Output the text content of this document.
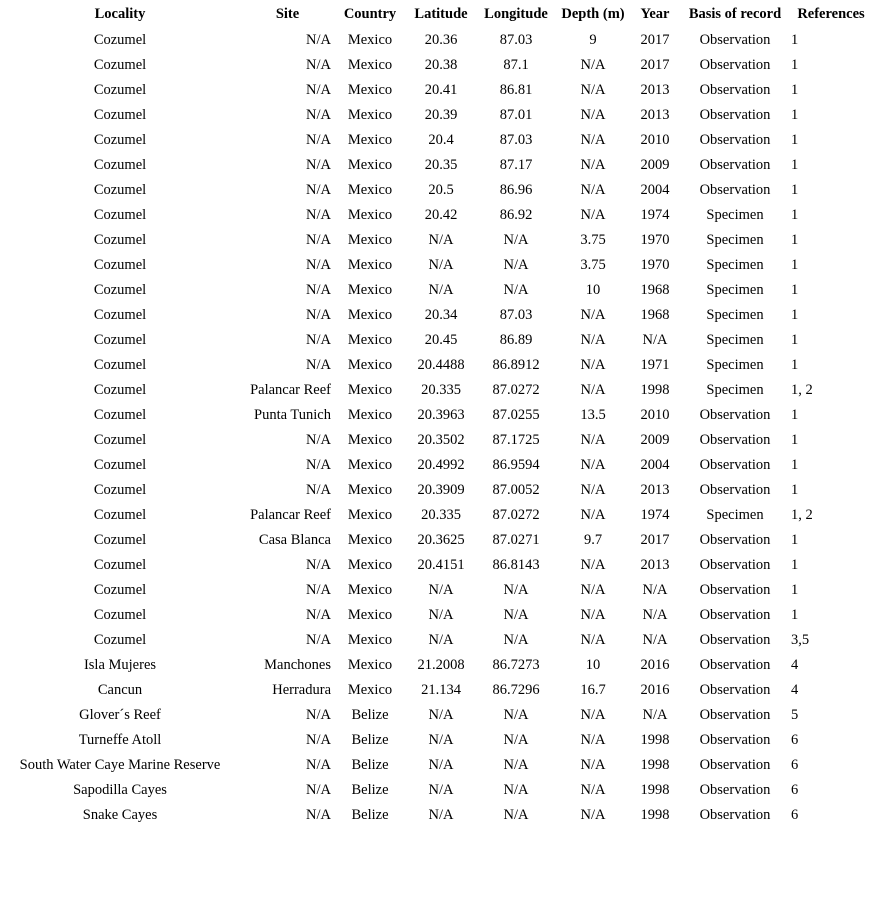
Locality	Site	Country	Latitude	Longitude	Depth (m)	Year	Basis of record	References
Cozumel	N/A	Mexico	20.36	87.03	9	2017	Observation	1
Cozumel	N/A	Mexico	20.38	87.1	N/A	2017	Observation	1
Cozumel	N/A	Mexico	20.41	86.81	N/A	2013	Observation	1
Cozumel	N/A	Mexico	20.39	87.01	N/A	2013	Observation	1
Cozumel	N/A	Mexico	20.4	87.03	N/A	2010	Observation	1
Cozumel	N/A	Mexico	20.35	87.17	N/A	2009	Observation	1
Cozumel	N/A	Mexico	20.5	86.96	N/A	2004	Observation	1
Cozumel	N/A	Mexico	20.42	86.92	N/A	1974	Specimen	1
Cozumel	N/A	Mexico	N/A	N/A	3.75	1970	Specimen	1
Cozumel	N/A	Mexico	N/A	N/A	3.75	1970	Specimen	1
Cozumel	N/A	Mexico	N/A	N/A	10	1968	Specimen	1
Cozumel	N/A	Mexico	20.34	87.03	N/A	1968	Specimen	1
Cozumel	N/A	Mexico	20.45	86.89	N/A	N/A	Specimen	1
Cozumel	N/A	Mexico	20.4488	86.8912	N/A	1971	Specimen	1
Cozumel	Palancar Reef	Mexico	20.335	87.0272	N/A	1998	Specimen	1, 2
Cozumel	Punta Tunich	Mexico	20.3963	87.0255	13.5	2010	Observation	1
Cozumel	N/A	Mexico	20.3502	87.1725	N/A	2009	Observation	1
Cozumel	N/A	Mexico	20.4992	86.9594	N/A	2004	Observation	1
Cozumel	N/A	Mexico	20.3909	87.0052	N/A	2013	Observation	1
Cozumel	Palancar Reef	Mexico	20.335	87.0272	N/A	1974	Specimen	1, 2
Cozumel	Casa Blanca	Mexico	20.3625	87.0271	9.7	2017	Observation	1
Cozumel	N/A	Mexico	20.4151	86.8143	N/A	2013	Observation	1
Cozumel	N/A	Mexico	N/A	N/A	N/A	N/A	Observation	1
Cozumel	N/A	Mexico	N/A	N/A	N/A	N/A	Observation	1
Cozumel	N/A	Mexico	N/A	N/A	N/A	N/A	Observation	3,5
Isla Mujeres	Manchones	Mexico	21.2008	86.7273	10	2016	Observation	4
Cancun	Herradura	Mexico	21.134	86.7296	16.7	2016	Observation	4
Glover´s Reef	N/A	Belize	N/A	N/A	N/A	N/A	Observation	5
Turneffe Atoll	N/A	Belize	N/A	N/A	N/A	1998	Observation	6
South Water Caye Marine Reserve	N/A	Belize	N/A	N/A	N/A	1998	Observation	6
Sapodilla Cayes	N/A	Belize	N/A	N/A	N/A	1998	Observation	6
Snake Cayes	N/A	Belize	N/A	N/A	N/A	1998	Observation	6
